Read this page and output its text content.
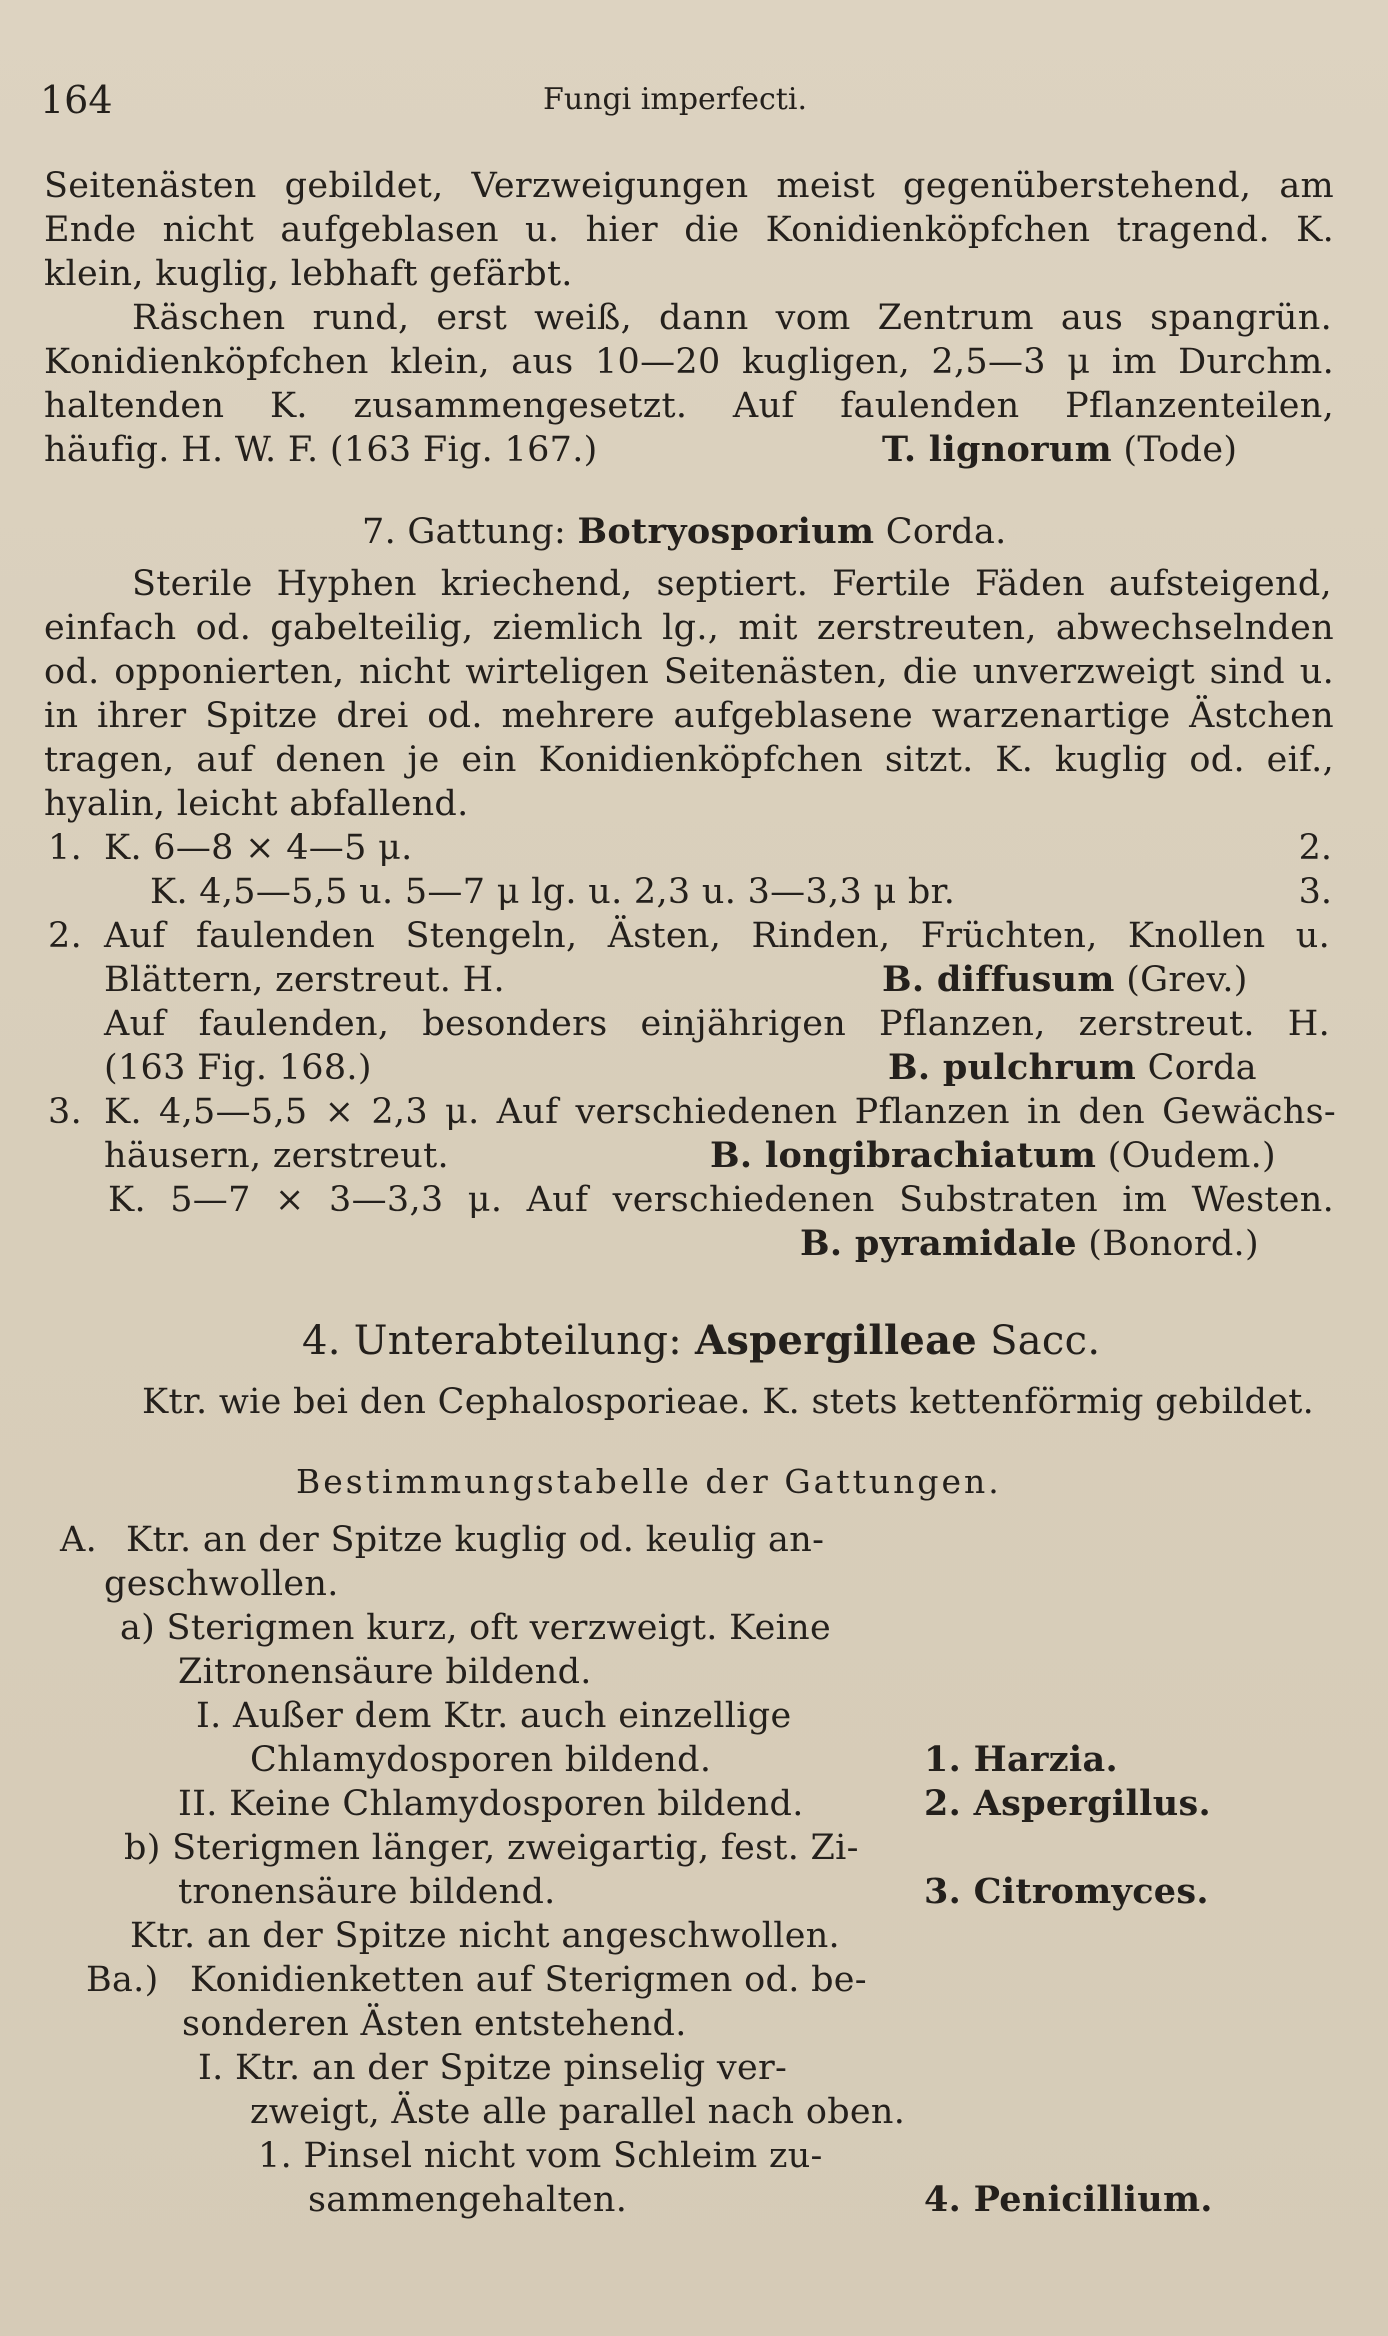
164	Fungi imperfecti.
Seitenästen gebildet, Verzweigungen meist gegenüberstehend, am
Ende nicht aufgeblasen u. hier die Konidienköpfchen tragend. K.
klein, kuglig, lebhaft gefärbt.
Räschen rund, erst weiß, dann vom Zentrum aus spangrün.
Konidienköpfchen klein, aus 10—20 kugligen, 2,5—3 μ im Durchm.
haltenden K. zusammengesetzt. Auf faulenden Pflanzenteilen,
häufig. H. W. F. (163 Fig. 167.)	T. lignorum (Tode)
7. Gattung: Botryosporium Corda.
Sterile Hyphen kriechend, septiert. Fertile Fäden aufsteigend,
einfach od. gabelteilig, ziemlich lg., mit zerstreuten, abwechselnden
od. opponierten, nicht wirteligen Seitenästen, die unverzweigt sind u.
in ihrer Spitze drei od. mehrere aufgeblasene warzenartige Ästchen
tragen, auf denen je ein Konidienköpfchen sitzt. K. kuglig od. eif.,
hyalin, leicht abfallend.
1. K. 6—8 × 4—5 μ.	2.
K. 4,5—5,5 u. 5—7 μ lg. u. 2,3 u. 3—3,3 μ br.	3.
2. Auf faulenden Stengeln, Ästen, Rinden, Früchten, Knollen u.
Blättern, zerstreut. H.	B. diffusum (Grev.)
Auf faulenden, besonders einjährigen Pflanzen, zerstreut. H.
(163 Fig. 168.)	B. pulchrum Corda
3. K. 4,5—5,5 × 2,3 μ. Auf verschiedenen Pflanzen in den Gewächs-
häusern, zerstreut.	B. longibrachiatum (Oudem.)
K. 5—7 × 3—3,3 μ. Auf verschiedenen Substraten im Westen.
B. pyramidale (Bonord.)
4. Unterabteilung: Aspergilleae Sacc.
Ktr. wie bei den Cephalosporieae. K. stets kettenförmig gebildet.
Bestimmungstabelle der Gattungen.
A. Ktr. an der Spitze kuglig od. keulig an-
geschwollen.
a) Sterigmen kurz, oft verzweigt. Keine
Zitronensäure bildend.
I. Außer dem Ktr. auch einzellige
Chlamydosporen bildend.	1. Harzia.
II. Keine Chlamydosporen bildend.	2. Aspergillus.
b) Sterigmen länger, zweigartig, fest. Zi-
tronensäure bildend.	3. Citromyces.
Ktr. an der Spitze nicht angeschwollen.
Ba.) Konidienketten auf Sterigmen od. be-
sonderen Ästen entstehend.
I. Ktr. an der Spitze pinselig ver-
zweigt, Äste alle parallel nach oben.
1. Pinsel nicht vom Schleim zu-
sammengehalten.	4. Penicillium.
